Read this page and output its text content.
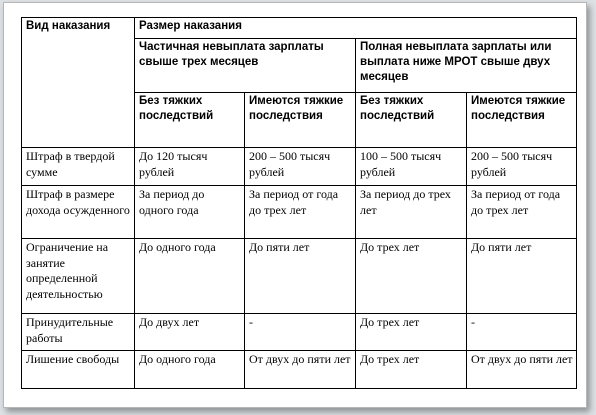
Вид наказания	Размер наказания			
	Частичная невыплата зарплаты свыше трех месяцев		Полная невыплата зарплаты или выплата ниже МРОТ свыше двух месяцев	
	Без тяжких последствий	Имеются тяжкие последствия	Без тяжких последствий	Имеются тяжкие последствия
Штраф в твердой сумме	До 120 тысяч рублей	200 – 500 тысяч рублей	100 – 500 тысяч рублей	200 – 500 тысяч рублей
Штраф в размере дохода осужденного	За период до одного года	За период от года до трех лет	За период до трех лет	За период от года до трех лет
Ограничение на занятие определенной деятельностью	До одного года	До пяти лет	До трех лет	До пяти лет
Принудительные работы	До двух лет	-	До трех лет	-
Лишение свободы	До одного года	От двух до пяти лет	До трех лет	От двух до пяти лет
